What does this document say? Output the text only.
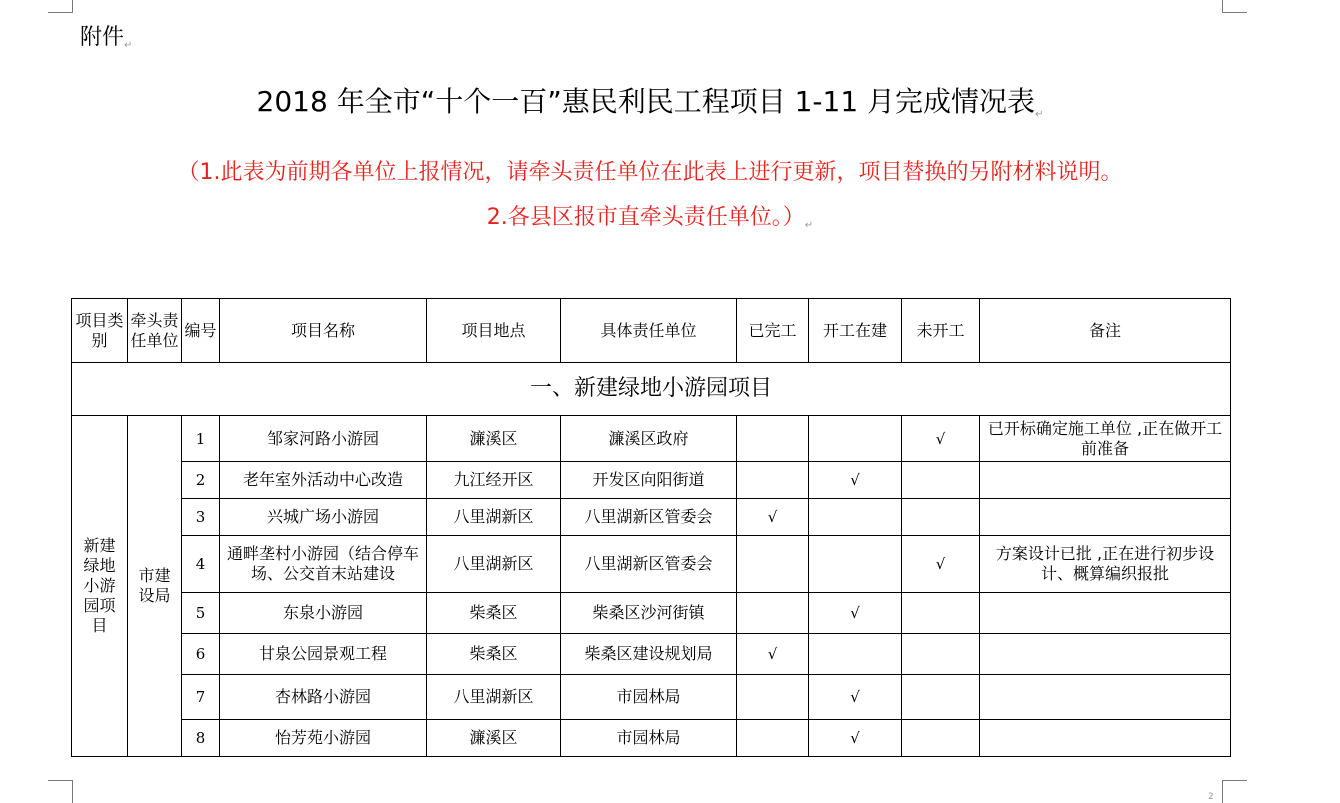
2
附件↵
2018 年全市“十个一百”惠民利民工程项目 1-11 月完成情况表↵
（1.此表为前期各单位上报情况，请牵头责任单位在此表上进行更新，项目替换的另附材料说明。
2.各县区报市直牵头责任单位。）↵
项目类别	牵头责任单位	编号	项目名称	项目地点	具体责任单位	已完工	开工在建	未开工	备注
一、新建绿地小游园项目									
新建绿地小游园项目	市建设局	1	邹家河路小游园	濂溪区	濂溪区政府			√	已开标确定施工单位 ,正在做开工前准备
		2	老年室外活动中心改造	九江经开区	开发区向阳街道		√		
		3	兴城广场小游园	八里湖新区	八里湖新区管委会	√			
		4	通畔垄村小游园（结合停车场、公交首末站建设	八里湖新区	八里湖新区管委会			√	方案设计已批 ,正在进行初步设计、概算编织报批
		5	东泉小游园	柴桑区	柴桑区沙河街镇		√		
		6	甘泉公园景观工程	柴桑区	柴桑区建设规划局	√			
		7	杏林路小游园	八里湖新区	市园林局		√		
		8	怡芳苑小游园	濂溪区	市园林局		√		
